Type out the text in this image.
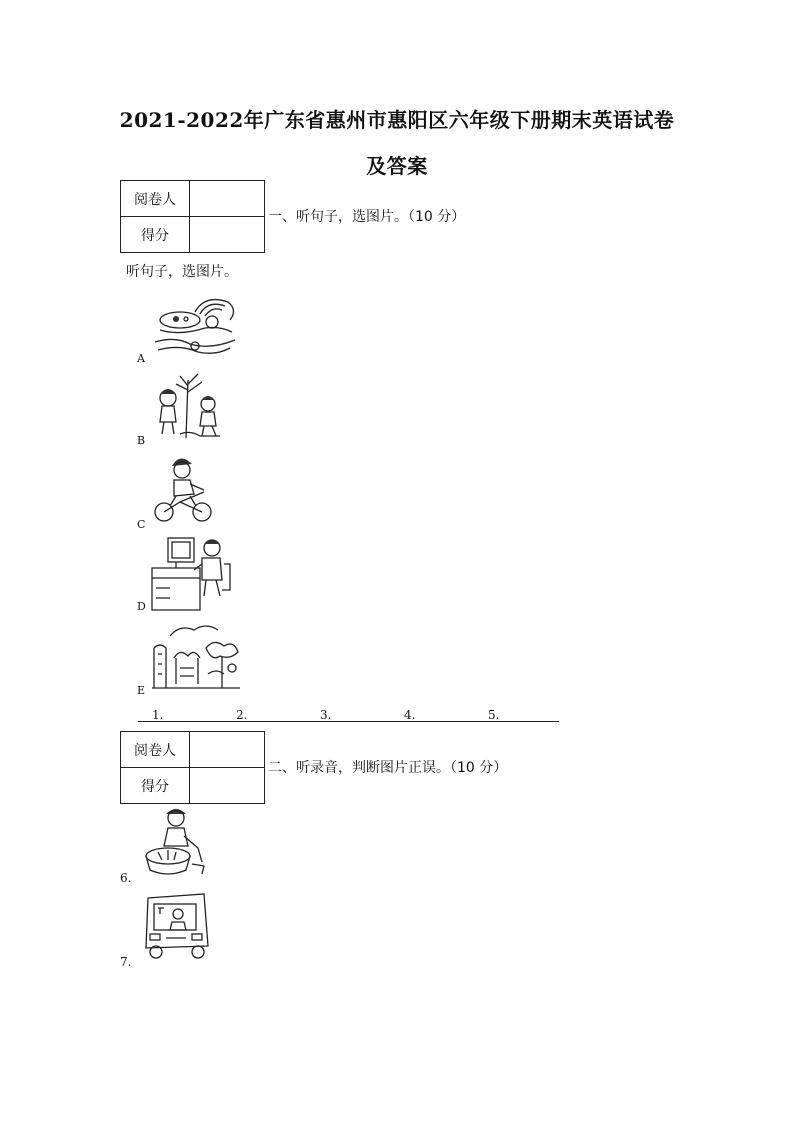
2021-2022年广东省惠州市惠阳区六年级下册期末英语试卷
及答案
阅卷人	
得分	
一、听句子，选图片。（10 分）
听句子，选图片。
A
B
C
D
E
1.	2.	3.	4.	5.
阅卷人	
得分	
二、听录音，判断图片正误。（10 分）
6.
7.
